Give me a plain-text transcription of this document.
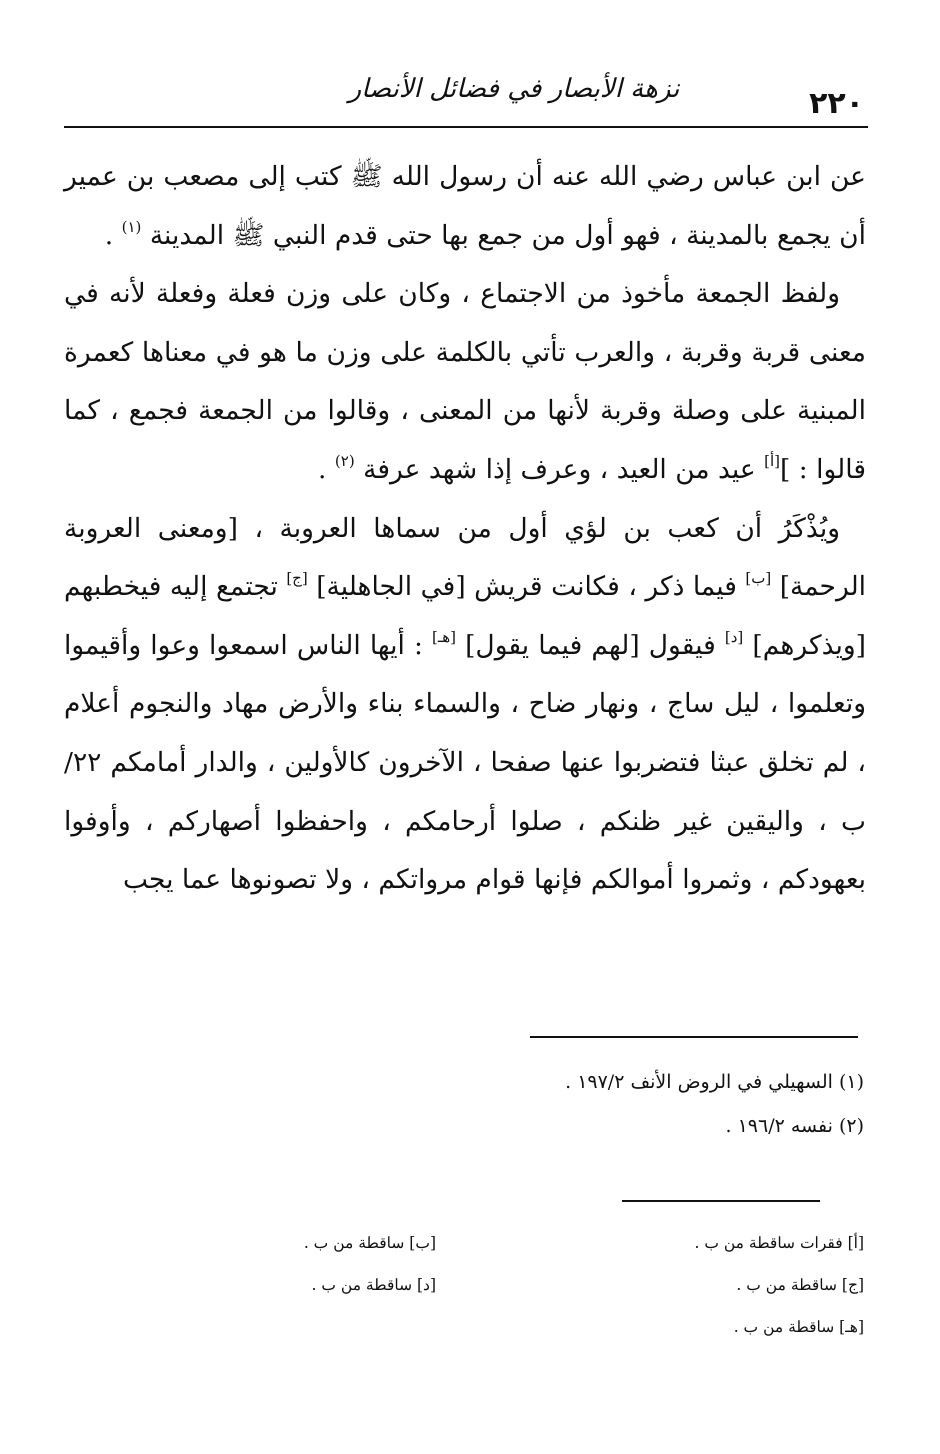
٢٢٠
نزهة الأبصار في فضائل الأنصار

عن ابن عباس رضي الله عنه أن رسول الله ﷺ كتب إلى مصعب بن عمير أن يجمع بالمدينة ، فهو أول من جمع بها حتى قدم النبي ﷺ المدينة $^{(١)}$ .

ولفظ الجمعة مأخوذ من الاجتماع ، وكان على وزن فعلة وفعلة لأنه في معنى قربة وقربة ، والعرب تأتي بالكلمة على وزن ما هو في معناها كعمرة المبنية على وصلة وقربة لأنها من المعنى ، وقالوا من الجمعة فجمع ، كما قالوا : ][أ] عيد من العيد ، وعرف إذا شهد عرفة $^{(٢)}$ .

ويُذْكَرُ أن كعب بن لؤي أول من سماها العروبة ، [ومعنى العروبة الرحمة] [ب] فيما ذكر ، فكانت قريش [في الجاهلية] [ج] تجتمع إليه فيخطبهم [ويذكرهم] [د] فيقول [لهم فيما يقول] [هـ] : أيها الناس اسمعوا وعوا وأقيموا وتعلموا ، ليل ساج ، ونهار ضاح ، والسماء بناء والأرض مهاد والنجوم أعلام ، لم تخلق عبثا فتضربوا عنها صفحا ، الآخرون كالأولين ، والدار أمامكم ٢٢/ب ، واليقين غير ظنكم ، صلوا أرحامكم ، واحفظوا أصهاركم ، وأوفوا بعهودكم ، وثمروا أموالكم فإنها قوام مرواتكم ، ولا تصونوها عما يجب

(١) السهيلي في الروض الأنف ١٩٧/٢ .

(٢) نفسه ١٩٦/٢ .

[أ] فقرات ساقطة من ب .
[ب] ساقطة من ب .
[ج] ساقطة من ب .
[د] ساقطة من ب .
[هـ] ساقطة من ب .
